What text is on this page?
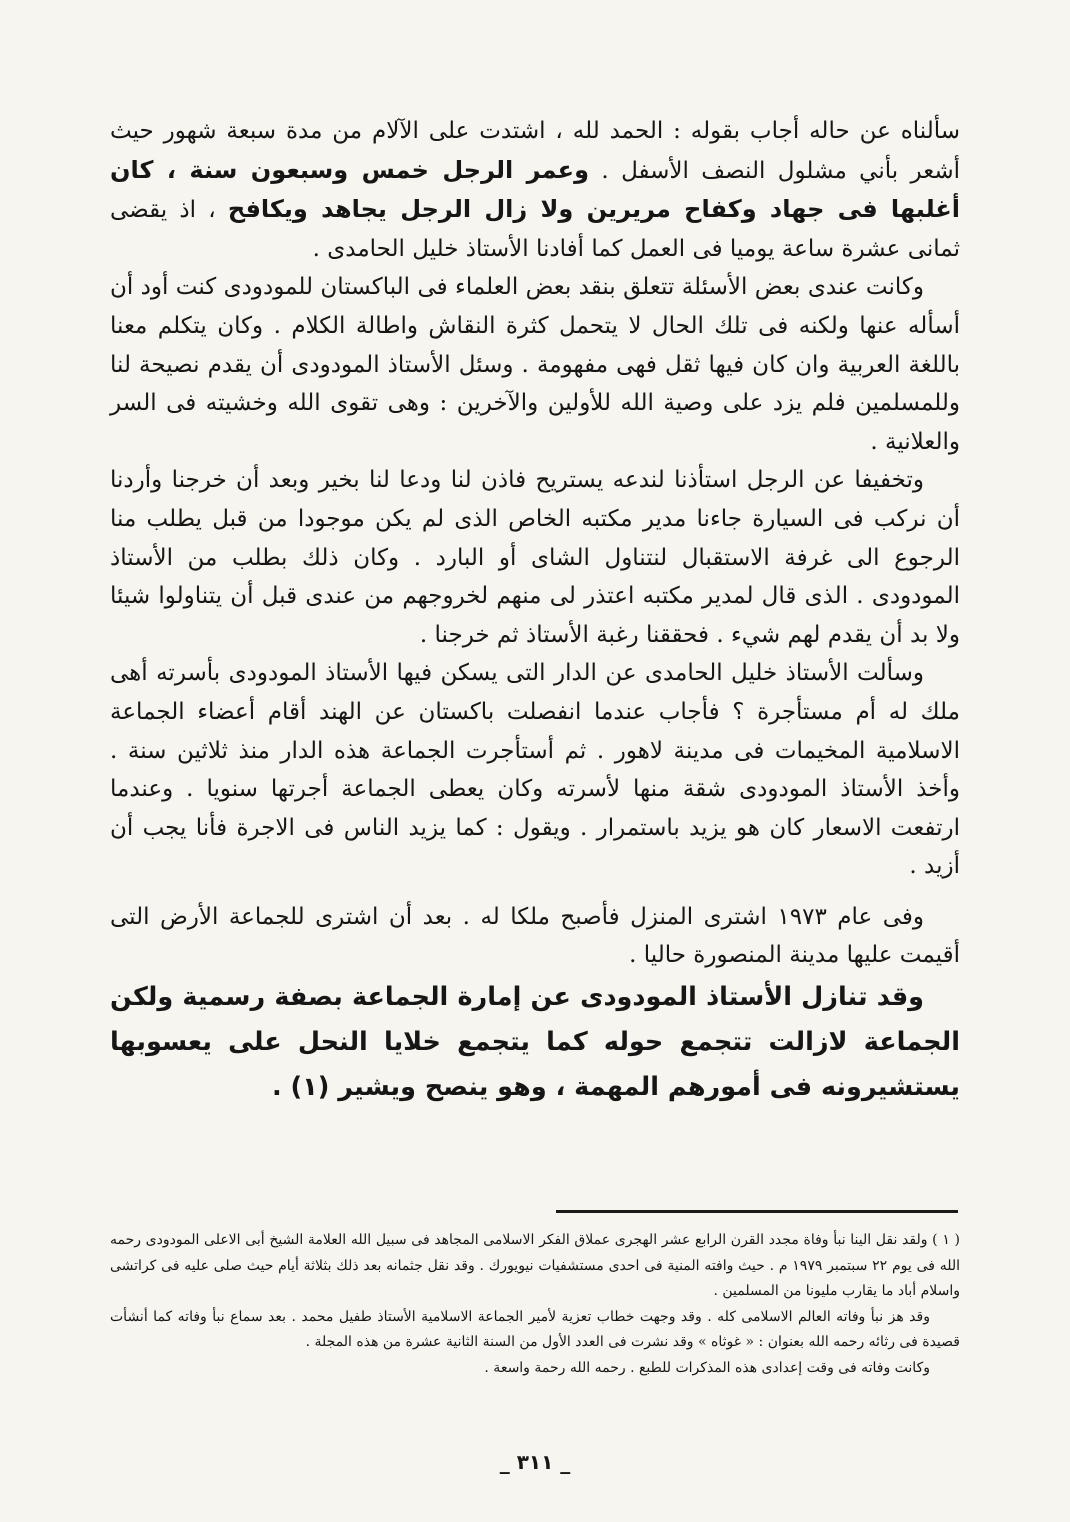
سألناه عن حاله أجاب بقوله : الحمد لله ، اشتدت على الآلام من مدة سبعة شهور حيث أشعر بأني مشلول النصف الأسفل . وعمر الرجل خمس وسبعون سنة ، كان أغلبها فى جهاد وكفاح مريرين ولا زال الرجل يجاهد ويكافح ، اذ يقضى ثمانى عشرة ساعة يوميا فى العمل كما أفادنا الأستاذ خليل الحامدى .

وكانت عندى بعض الأسئلة تتعلق بنقد بعض العلماء فى الباكستان للمودودى كنت أود أن أسأله عنها ولكنه فى تلك الحال لا يتحمل كثرة النقاش واطالة الكلام . وكان يتكلم معنا باللغة العربية وان كان فيها ثقل فهى مفهومة . وسئل الأستاذ المودودى أن يقدم نصيحة لنا وللمسلمين فلم يزد على وصية الله للأولين والآخرين : وهى تقوى الله وخشيته فى السر والعلانية .

وتخفيفا عن الرجل استأذنا لندعه يستريح فاذن لنا ودعا لنا بخير وبعد أن خرجنا وأردنا أن نركب فى السيارة جاءنا مدير مكتبه الخاص الذى لم يكن موجودا من قبل يطلب منا الرجوع الى غرفة الاستقبال لنتناول الشاى أو البارد . وكان ذلك بطلب من الأستاذ المودودى . الذى قال لمدير مكتبه اعتذر لى منهم لخروجهم من عندى قبل أن يتناولوا شيئا ولا بد أن يقدم لهم شيء . فحققنا رغبة الأستاذ ثم خرجنا .

وسألت الأستاذ خليل الحامدى عن الدار التى يسكن فيها الأستاذ المودودى بأسرته أهى ملك له أم مستأجرة ؟ فأجاب عندما انفصلت باكستان عن الهند أقام أعضاء الجماعة الاسلامية المخيمات فى مدينة لاهور . ثم أستأجرت الجماعة هذه الدار منذ ثلاثين سنة . وأخذ الأستاذ المودودى شقة منها لأسرته وكان يعطى الجماعة أجرتها سنويا . وعندما ارتفعت الاسعار كان هو يزيد باستمرار . ويقول : كما يزيد الناس فى الاجرة فأنا يجب أن أزيد .

وفى عام ١٩٧٣ اشترى المنزل فأصبح ملكا له . بعد أن اشترى للجماعة الأرض التى أقيمت عليها مدينة المنصورة حاليا .

وقد تنازل الأستاذ المودودى عن إمارة الجماعة بصفة رسمية ولكن الجماعة لازالت تتجمع حوله كما يتجمع خلايا النحل على يعسوبها يستشيرونه فى أمورهم المهمة ، وهو ينصح ويشير (١) .

( ١ ) ولقد نقل الينا نبأ وفاة مجدد القرن الرابع عشر الهجرى عملاق الفكر الاسلامى المجاهد فى سبيل الله العلامة الشيخ أبى الاعلى المودودى رحمه الله فى يوم ٢٢ سبتمبر ١٩٧٩ م . حيث وافته المنية فى احدى مستشفيات نيويورك . وقد نقل جثمانه بعد ذلك بثلاثة أيام حيث صلى عليه فى كراتشى واسلام أباد ما يقارب مليونا من المسلمين .

وقد هز نبأ وفاته العالم الاسلامى كله . وقد وجهت خطاب تعزية لأمير الجماعة الاسلامية الأستاذ طفيل محمد . بعد سماع نبأ وفاته كما أنشأت قصيدة فى رثائه رحمه الله بعنوان : « غوثاه » وقد نشرت فى العدد الأول من السنة الثانية عشرة من هذه المجلة .

وكانت وفاته فى وقت إعدادى هذه المذكرات للطبع . رحمه الله رحمة واسعة .

_ ٣١١ _
